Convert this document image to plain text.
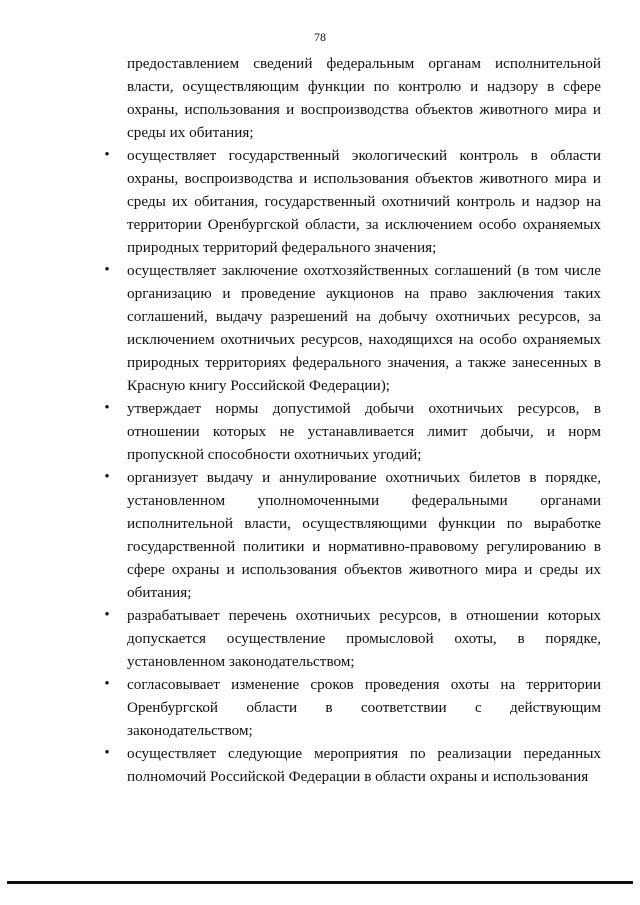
78

предоставлением сведений федеральным органам исполнительной власти, осуществляющим функции по контролю и надзору в сфере охраны, использования и воспроизводства объектов животного мира и среды их обитания;

• осуществляет государственный экологический контроль в области охраны, воспроизводства и использования объектов животного мира и среды их обитания, государственный охотничий контроль и надзор на территории Оренбургской области, за исключением особо охраняемых природных территорий федерального значения;
• осуществляет заключение охотхозяйственных соглашений (в том числе организацию и проведение аукционов на право заключения таких соглашений, выдачу разрешений на добычу охотничьих ресурсов, за исключением охотничьих ресурсов, находящихся на особо охраняемых природных территориях федерального значения, а также занесенных в Красную книгу Российской Федерации);
• утверждает нормы допустимой добычи охотничьих ресурсов, в отношении которых не устанавливается лимит добычи, и норм пропускной способности охотничьих угодий;
• организует выдачу и аннулирование охотничьих билетов в порядке, установленном уполномоченными федеральными органами исполнительной власти, осуществляющими функции по выработке государственной политики и нормативно-правовому регулированию в сфере охраны и использования объектов животного мира и среды их обитания;
• разрабатывает перечень охотничьих ресурсов, в отношении которых допускается осуществление промысловой охоты, в порядке, установленном законодательством;
• согласовывает изменение сроков проведения охоты на территории Оренбургской области в соответствии с действующим законодательством;
• осуществляет следующие мероприятия по реализации переданных полномочий Российской Федерации в области охраны и использования
